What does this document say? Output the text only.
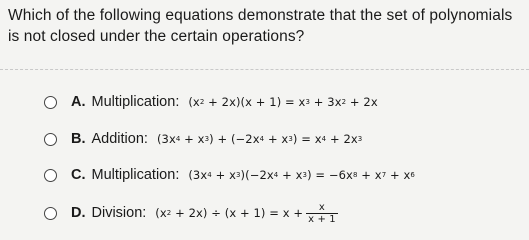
Which of the following equations demonstrate that the set of polynomials is not closed under the certain operations?
A. Multiplication: (x 2 + 2x)(x + 1) = x 3 + 3x 2 + 2x
B. Addition: (3x 4 + x 3 ) + (−2x 4 + x 3 ) = x 4 + 2x 3
C. Multiplication: (3x 4 + x 3 )(−2x 4 + x 3 ) = −6x 8 + x 7 + x 6
D. Division: (x $2 + 2x) \div (x + 1) = x + \frac{x}{x + 1}$
